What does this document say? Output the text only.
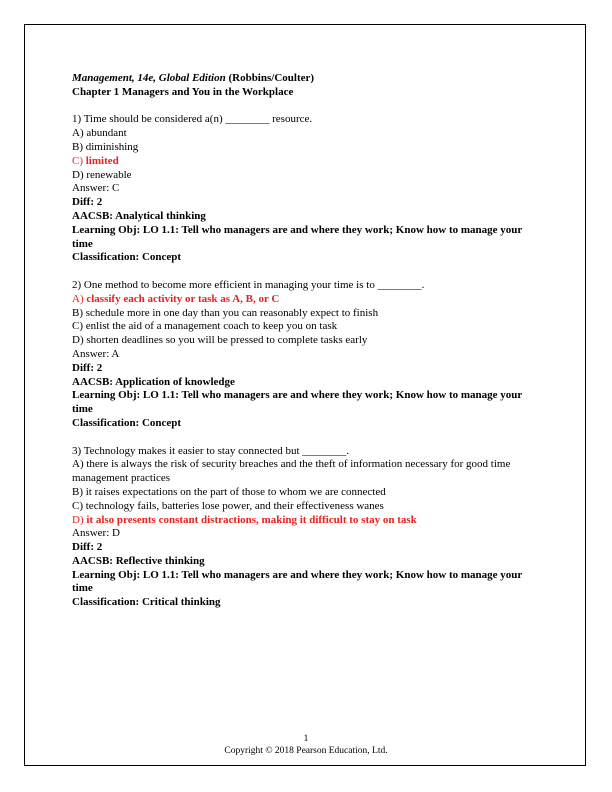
Management, 14e, Global Edition (Robbins/Coulter)
Chapter 1 Managers and You in the Workplace
1) Time should be considered a(n) ________ resource.
A) abundant
B) diminishing
C) limited
D) renewable
Answer: C
Diff: 2
AACSB: Analytical thinking
Learning Obj: LO 1.1: Tell who managers are and where they work; Know how to manage your time
Classification: Concept
2) One method to become more efficient in managing your time is to ________.
A) classify each activity or task as A, B, or C
B) schedule more in one day than you can reasonably expect to finish
C) enlist the aid of a management coach to keep you on task
D) shorten deadlines so you will be pressed to complete tasks early
Answer: A
Diff: 2
AACSB: Application of knowledge
Learning Obj: LO 1.1: Tell who managers are and where they work; Know how to manage your time
Classification: Concept
3) Technology makes it easier to stay connected but ________.
A) there is always the risk of security breaches and the theft of information necessary for good time management practices
B) it raises expectations on the part of those to whom we are connected
C) technology fails, batteries lose power, and their effectiveness wanes
D) it also presents constant distractions, making it difficult to stay on task Answer: D
Diff: 2
AACSB: Reflective thinking
Learning Obj: LO 1.1: Tell who managers are and where they work; Know how to manage your time
Classification: Critical thinking
1
Copyright © 2018 Pearson Education, Ltd.
